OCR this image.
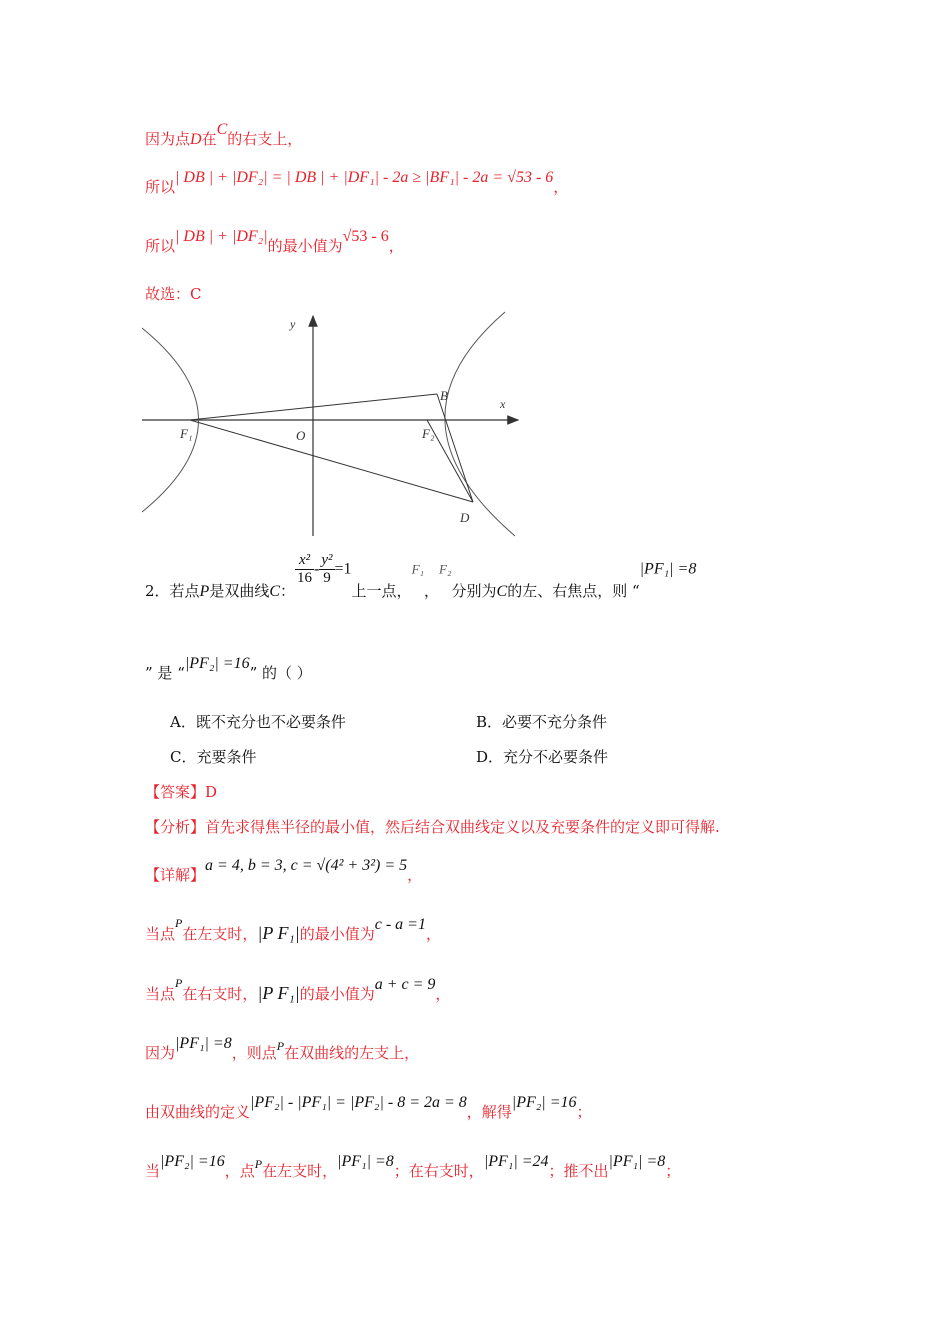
因为点D在C的右支上，
所以| DB | + |DF₂| = | DB | + |DF₁| - 2a ≥ |BF₁| - 2a = √53 - 6，
所以| DB | + |DF₂|的最小值为√53 - 6，
故选：C
y
x
O
B
D
F₁	F₂
2．若点P是双曲线C：
$\frac{\text{x²}}{16} - \frac{\text{y²}}{9} =1$上一点，F₁，F₂分别为C的左、右焦点，则 “|PF₁| =8
” 是 “|PF₂| =16” 的（ ）
A．既不充分也不必要条件	B．必要不充分条件
C．充要条件	D．充分不必要条件
【答案】D
【分析】首先求得焦半径的最小值，然后结合双曲线定义以及充要条件的定义即可得解.
【详解】a = 4, b = 3, c = √(4² + 3²) = 5，
当点$^P$在左支时，|P F₁|的最小值为c - a =1，
当点$^P$在右支时，|P F₁|的最小值为a + c = 9，
因为|PF₁| =8，则点$^P$在双曲线的左支上，
由双曲线的定义|PF₂| - |PF₁| = |PF₂| - 8 = 2a = 8，解得|PF₂| =16；
当|PF₂| =16，点$^P$在左支时，|PF₁| =8；在右支时，|PF₁| =24；推不出|PF₁| =8；
